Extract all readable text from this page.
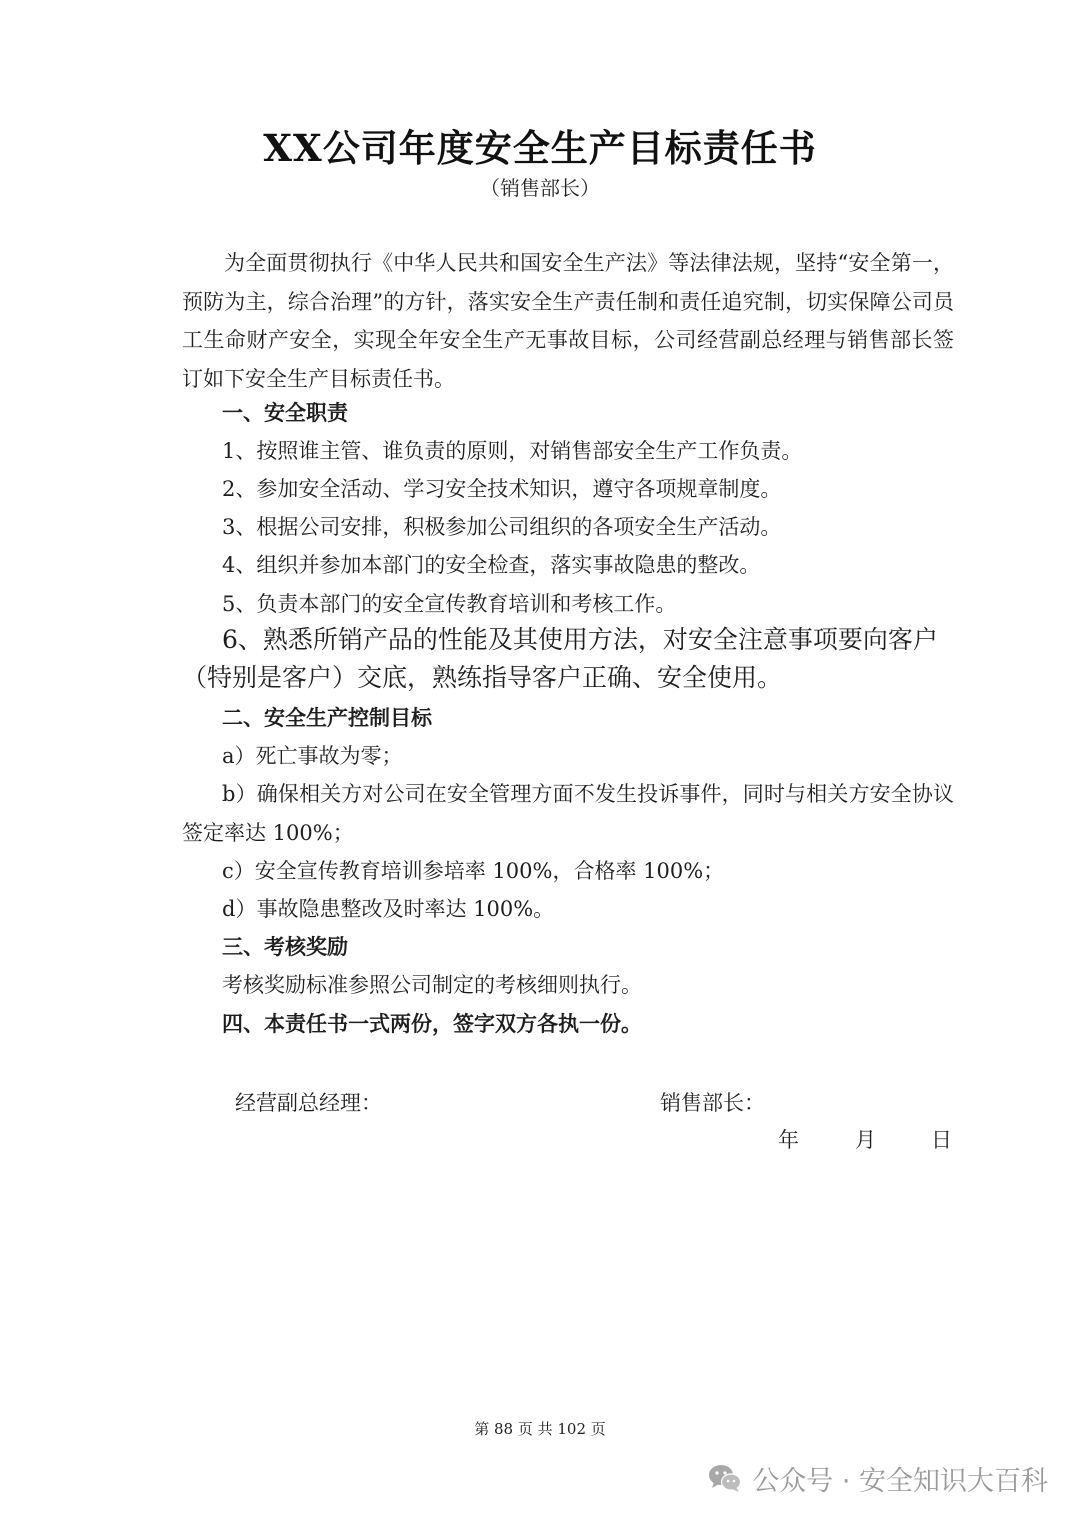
XX公司年度安全生产目标责任书
（销售部长）
为全面贯彻执行《中华人民共和国安全生产法》等法律法规，坚持“安全第一，预防为主，综合治理”的方针，落实安全生产责任制和责任追究制，切实保障公司员工生命财产安全，实现全年安全生产无事故目标，公司经营副总经理与销售部长签订如下安全生产目标责任书。
一、安全职责
1、按照谁主管、谁负责的原则，对销售部安全生产工作负责。
2、参加安全活动、学习安全技术知识，遵守各项规章制度。
3、根据公司安排，积极参加公司组织的各项安全生产活动。
4、组织并参加本部门的安全检查，落实事故隐患的整改。
5、负责本部门的安全宣传教育培训和考核工作。
6、熟悉所销产品的性能及其使用方法，对安全注意事项要向客户（特别是客户）交底，熟练指导客户正确、安全使用。
二、安全生产控制目标
a）死亡事故为零；
b）确保相关方对公司在安全管理方面不发生投诉事件，同时与相关方安全协议签定率达 100%；
c）安全宣传教育培训参培率 100%，合格率 100%；
d）事故隐患整改及时率达 100%。
三、考核奖励
考核奖励标准参照公司制定的考核细则执行。
四、本责任书一式两份，签字双方各执一份。
经营副总经理：	销售部长：
年	月	日
第 88 页 共 102 页
公众号 · 安全知识大百科
